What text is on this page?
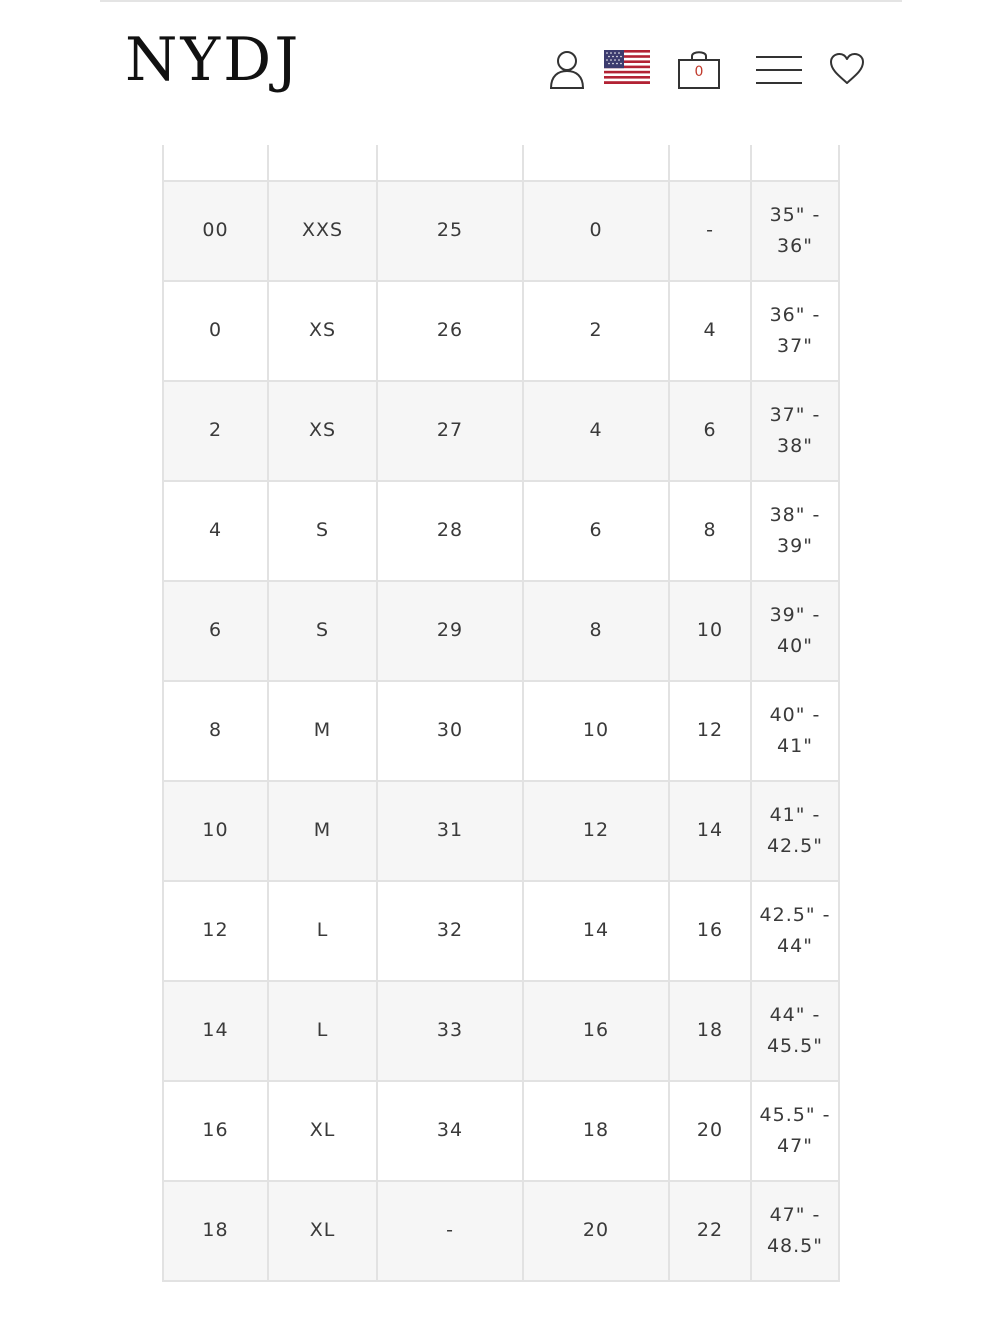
00	XXS	25	0	-	35" - 36"
0	XS	26	2	4	36" - 37"
2	XS	27	4	6	37" - 38"
4	S	28	6	8	38" - 39"
6	S	29	8	10	39" - 40"
8	M	30	10	12	40" - 41"
10	M	31	12	14	41" - 42.5"
12	L	32	14	16	42.5" - 44"
14	L	33	16	18	44" - 45.5"
16	XL	34	18	20	45.5" - 47"
18	XL	-	20	22	47" - 48.5"
NYDJ	0
